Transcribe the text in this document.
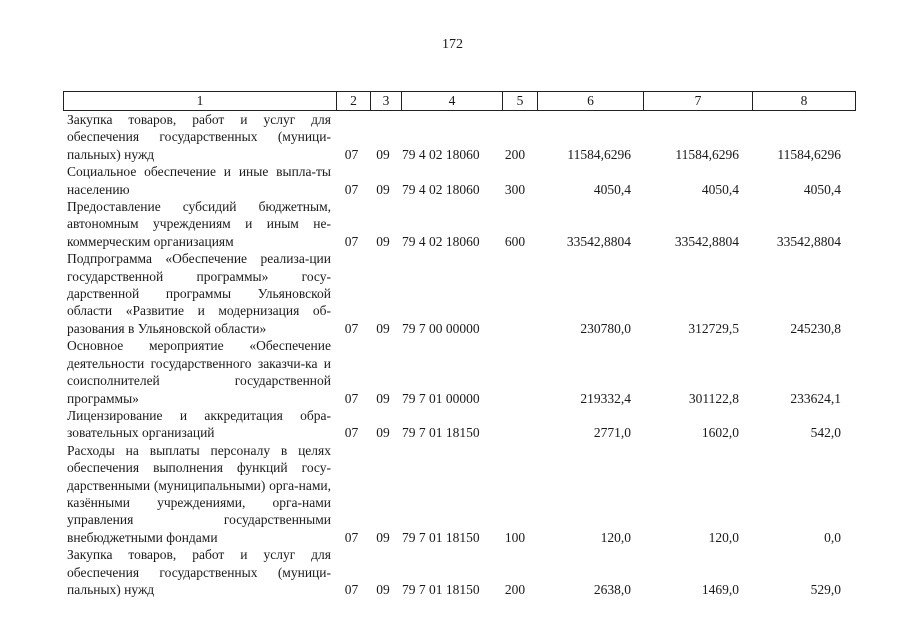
172
1	2	3	4	5	6	7	8
Закупка товаров, работ и услуг для обеспечения государственных (муници-пальных) нужд	07	09	79 4 02 18060	200	11584,6296	11584,6296	11584,6296
Социальное обеспечение и иные выпла-ты населению	07	09	79 4 02 18060	300	4050,4	4050,4	4050,4
Предоставление субсидий бюджетным, автономным учреждениям и иным не-коммерческим организациям	07	09	79 4 02 18060	600	33542,8804	33542,8804	33542,8804
Подпрограмма «Обеспечение реализа-ции государственной программы» госу-дарственной программы Ульяновской области «Развитие и модернизация об-разования в Ульяновской области»	07	09	79 7 00 00000		230780,0	312729,5	245230,8
Основное мероприятие «Обеспечение деятельности государственного заказчи-ка и соисполнителей государственной программы»	07	09	79 7 01 00000		219332,4	301122,8	233624,1
Лицензирование и аккредитация обра-зовательных организаций	07	09	79 7 01 18150		2771,0	1602,0	542,0
Расходы на выплаты персоналу в целях обеспечения выполнения функций госу-дарственными (муниципальными) орга-нами, казёнными учреждениями, орга-нами управления государственными внебюджетными фондами	07	09	79 7 01 18150	100	120,0	120,0	0,0
Закупка товаров, работ и услуг для обеспечения государственных (муници-пальных) нужд	07	09	79 7 01 18150	200	2638,0	1469,0	529,0
